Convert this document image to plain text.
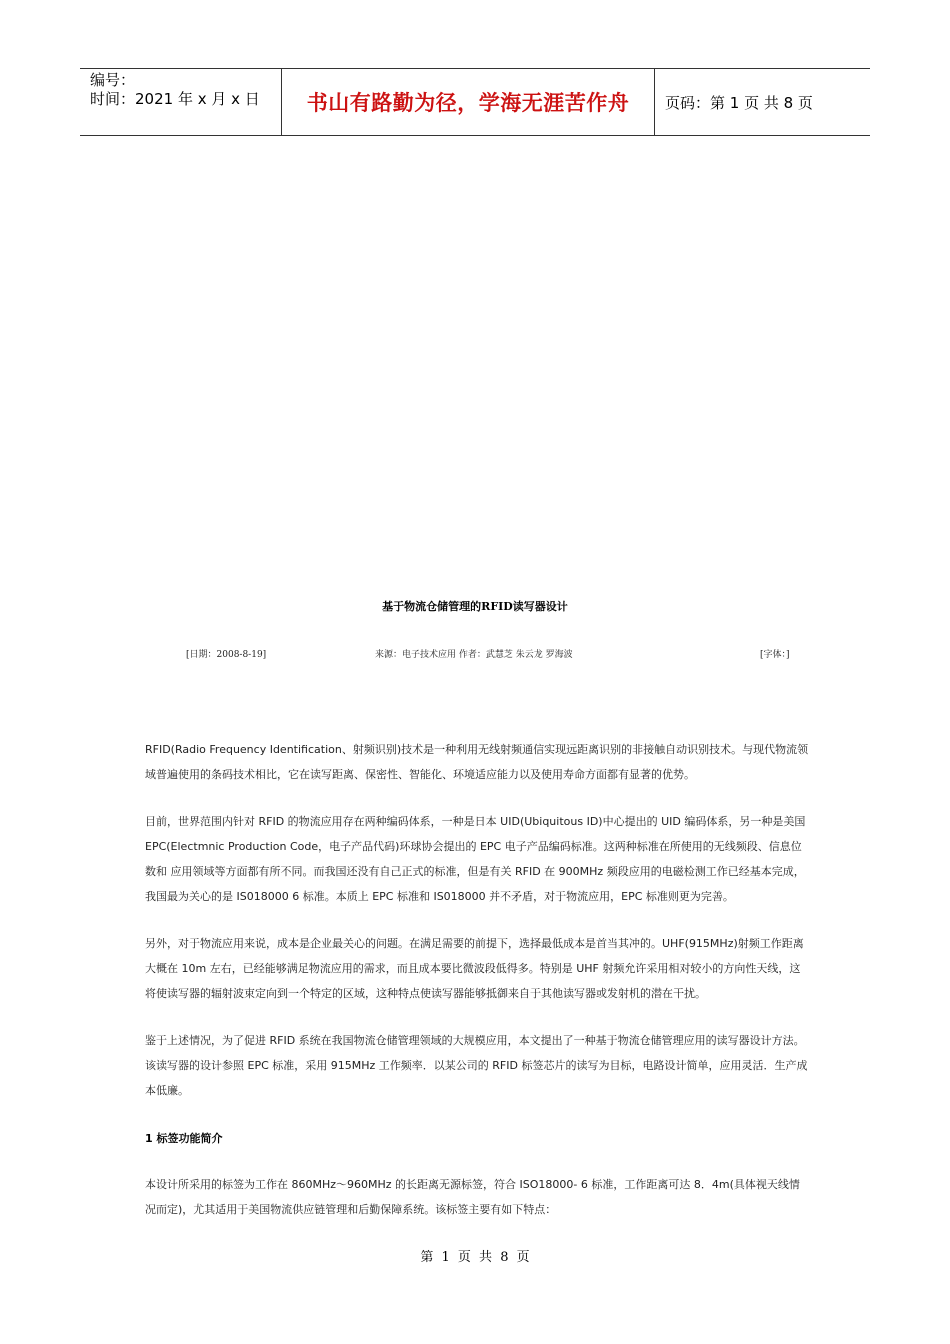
编号：
时间：2021 年 x 月 x 日	书山有路勤为径，学海无涯苦作舟	页码：第 1 页 共 8 页
基于物流仓储管理的RFID读写器设计
[日期：2008-8-19]	来源：电子技术应用 作者：武慧芝 朱云龙 罗海波	[字体：]
RFID(Radio Frequency Identification、射频识别)技术是一种利用无线射频通信实现远距离识别的非接触自动识别技术。与现代物流领域普遍使用的条码技术相比，它在读写距离、保密性、智能化、环境适应能力以及使用寿命方面都有显著的优势。
目前，世界范围内针对 RFID 的物流应用存在两种编码体系，一种是日本 UID(Ubiquitous ID)中心提出的 UID 编码体系，另一种是美国 EPC(Electmnic Production Code，电子产品代码)环球协会提出的 EPC 电子产品编码标准。这两种标准在所使用的无线频段、信息位数和 应用领域等方面都有所不同。而我国还没有自己正式的标准，但是有关 RFID 在 900MHz 频段应用的电磁检测工作已经基本完成，我国最为关心的是 IS018000 6 标准。本质上 EPC 标准和 IS018000 并不矛盾，对于物流应用，EPC 标准则更为完善。
另外，对于物流应用来说，成本是企业最关心的问题。在满足需要的前提下，选择最低成本是首当其冲的。UHF(915MHz)射频工作距离大概在 10m 左右，已经能够满足物流应用的需求，而且成本要比微波段低得多。特别是 UHF 射频允许采用相对较小的方向性天线，这将使读写器的辐射波束定向到一个特定的区域，这种特点使读写器能够抵御来自于其他读写器或发射机的潜在干扰。
鉴于上述情况，为了促进 RFID 系统在我国物流仓储管理领域的大规模应用，本文提出了一种基于物流仓储管理应用的读写器设计方法。该读写器的设计参照 EPC 标准，采用 915MHz 工作频率．以某公司的 RFID 标签芯片的读写为目标，电路设计简单，应用灵活．生产成本低廉。
1 标签功能简介
本设计所采用的标签为工作在 860MHz～960MHz 的长距离无源标签，符合 ISO18000- 6 标准，工作距离可达 8．4m(具体视天线情况而定)，尤其适用于美国物流供应链管理和后勤保障系统。该标签主要有如下特点：
第 1 页 共 8 页
